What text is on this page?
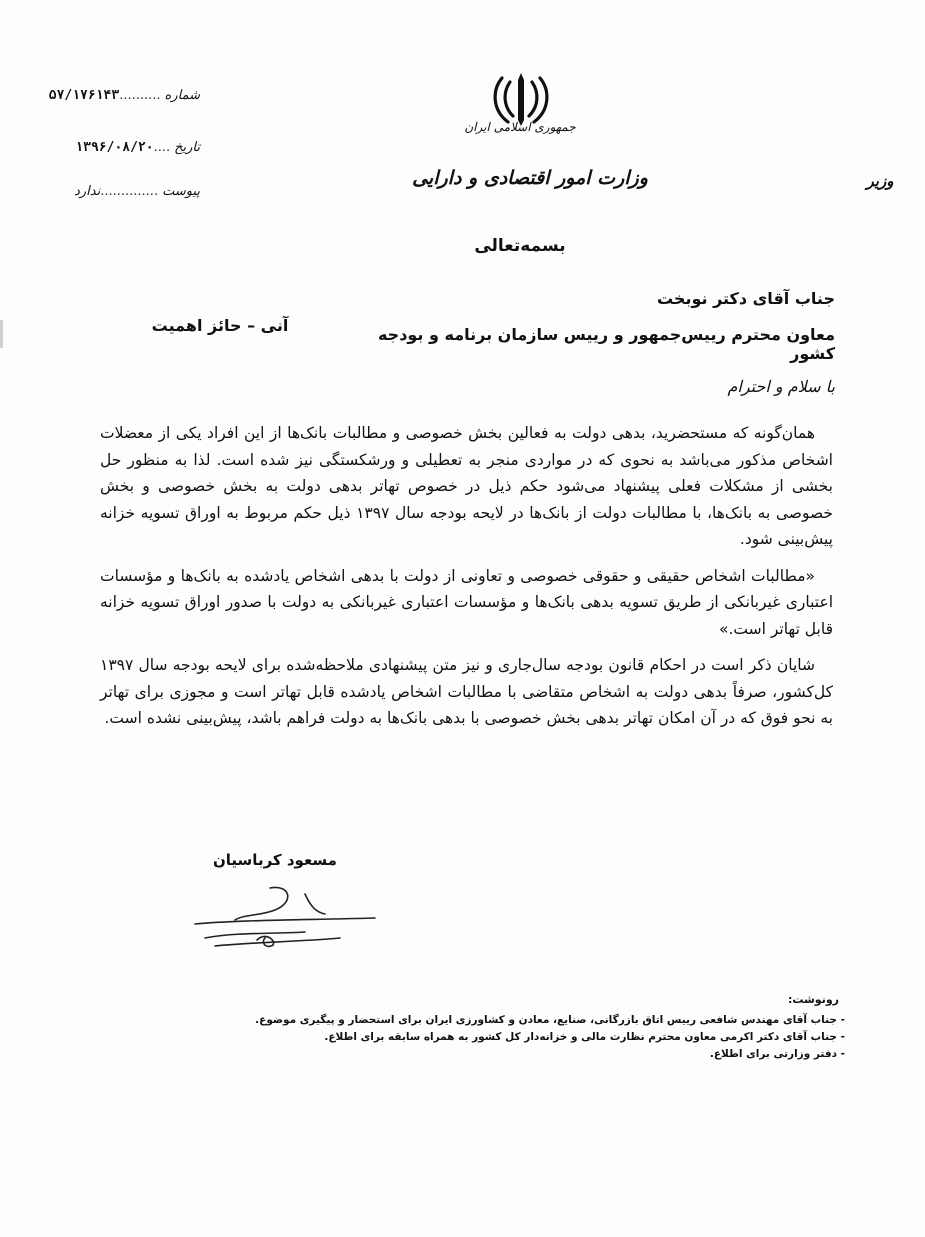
شماره..........۵۷/۱۷۶۱۴۳
تاریخ....۱۳۹۶/۰۸/۲۰
پیوست..............ندارد
جمهوری اسلامی ایران
وزارت امور اقتصادی و دارایی	وزیر
بسمه‌تعالی
جناب آقای دکتر نوبخت
معاون محترم رییس‌جمهور و رییس سازمان برنامه و بودجه کشور
آنی – حائز اهمیت
با سلام و احترام

همان‌گونه که مستحضرید، بدهی دولت به فعالین بخش خصوصی و مطالبات بانک‌ها از این افراد یکی از معضلات اشخاص مذکور می‌باشد به نحوی که در مواردی منجر به تعطیلی و ورشکستگی نیز شده است. لذا به منظور حل بخشی از مشکلات فعلی پیشنهاد می‌شود حکم ذیل در خصوص تهاتر بدهی دولت به بخش خصوصی و بخش خصوصی به بانک‌ها، با مطالبات دولت از بانک‌ها در لایحه بودجه سال ۱۳۹۷ ذیل حکم مربوط به اوراق تسویه خزانه پیش‌بینی شود.

«مطالبات اشخاص حقیقی و حقوقی خصوصی و تعاونی از دولت با بدهی اشخاص یادشده به بانک‌ها و مؤسسات اعتباری غیربانکی از طریق تسویه بدهی بانک‌ها و مؤسسات اعتباری غیربانکی به دولت با صدور اوراق تسویه خزانه قابل تهاتر است.»

شایان ذکر است در احکام قانون بودجه سال‌جاری و نیز متن پیشنهادی ملاحظه‌شده برای لایحه بودجه سال ۱۳۹۷ کل‌کشور، صرفاً بدهی دولت به اشخاص متقاضی با مطالبات اشخاص یادشده قابل تهاتر است و مجوزی برای تهاتر به نحو فوق که در آن امکان تهاتر بدهی بخش خصوصی با بدهی بانک‌ها به دولت فراهم باشد، پیش‌بینی نشده است.

مسعود کرباسیان
رونوشت:
- جناب آقای مهندس شافعی رییس اتاق بازرگانی، صنایع، معادن و کشاورزی ایران برای استحضار و پیگیری موضوع.
- جناب آقای دکتر اکرمی معاون محترم نظارت مالی و خزانه‌دار کل کشور به همراه سابقه برای اطلاع.
- دفتر وزارتی برای اطلاع.
